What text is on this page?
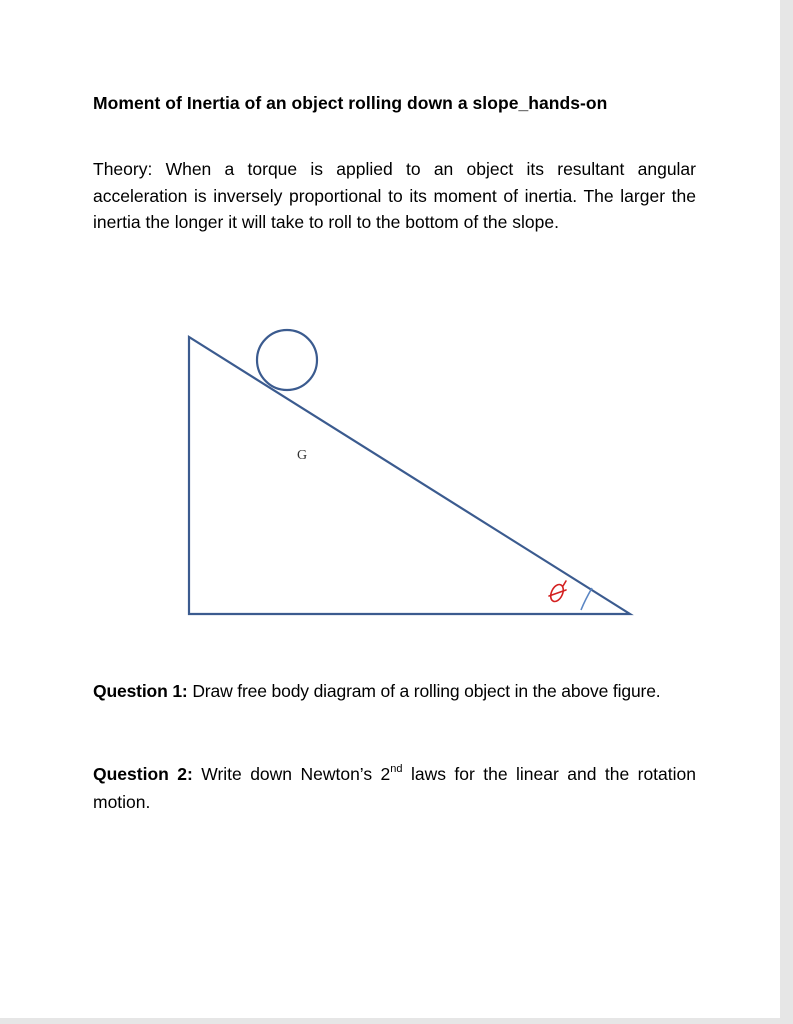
Moment of Inertia of an object rolling down a slope_hands-on
Theory: When a torque is applied to an object its resultant angular acceleration is inversely proportional to its moment of inertia. The larger the inertia the longer it will take to roll to the bottom of the slope.
G
Question 1: Draw free body diagram of a rolling object in the above figure.
Question 2: Write down Newton’s 2nd laws for the linear and the rotation motion.
